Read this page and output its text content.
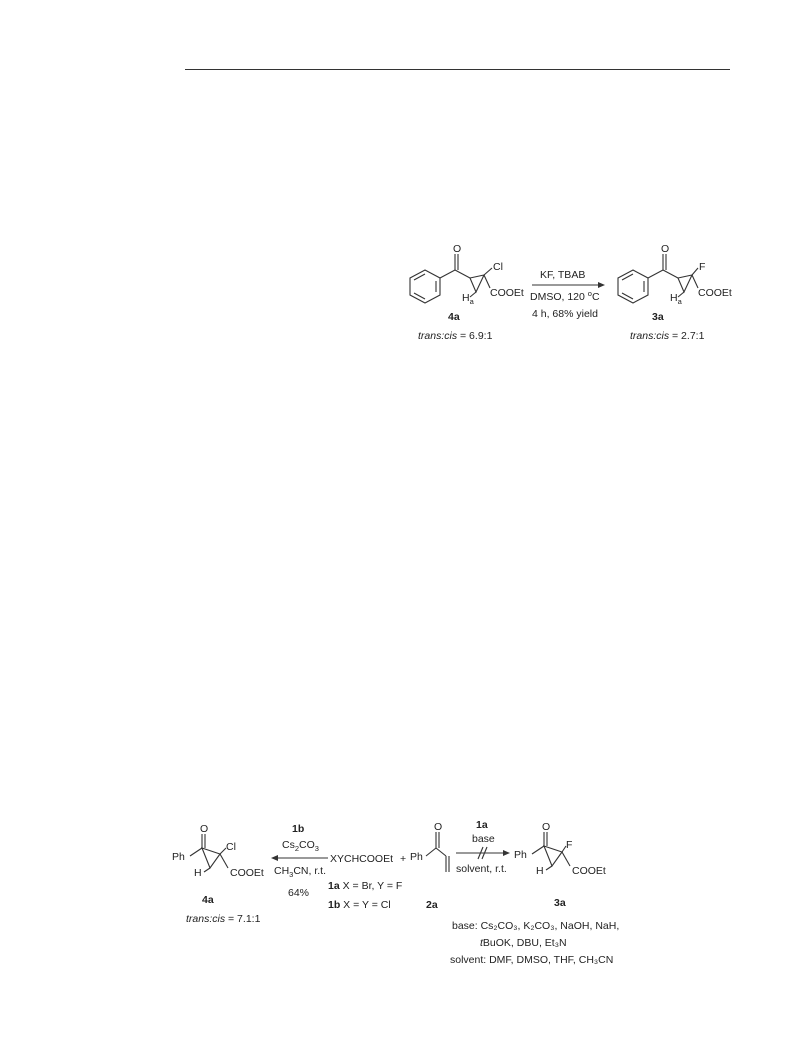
O
Cl
$H_a$
COOEt
4a
trans:cis = 6.9:1
KF, TBAB
DMSO, 120 $^o$C
4 h, 68% yield
O
F
$H_a$
COOEt
3a
trans:cis = 2.7:1
Ph
O
Cl
H	COOEt
4a
trans:cis = 7.1:1
1b
$Cs_2CO_3$
$CH_3CN$, r.t.
64%
XYCHCOOEt +
1a X = Br, Y = F
1b X = Y = Cl
Ph
O
2a
1a
base
solvent, r.t.
Ph
O
F
H	COOEt
3a
base: Cs₂CO₃, K₂CO₃, NaOH, NaH,
tBuOK, DBU, Et₃N
solvent: DMF, DMSO, THF, CH₃CN
